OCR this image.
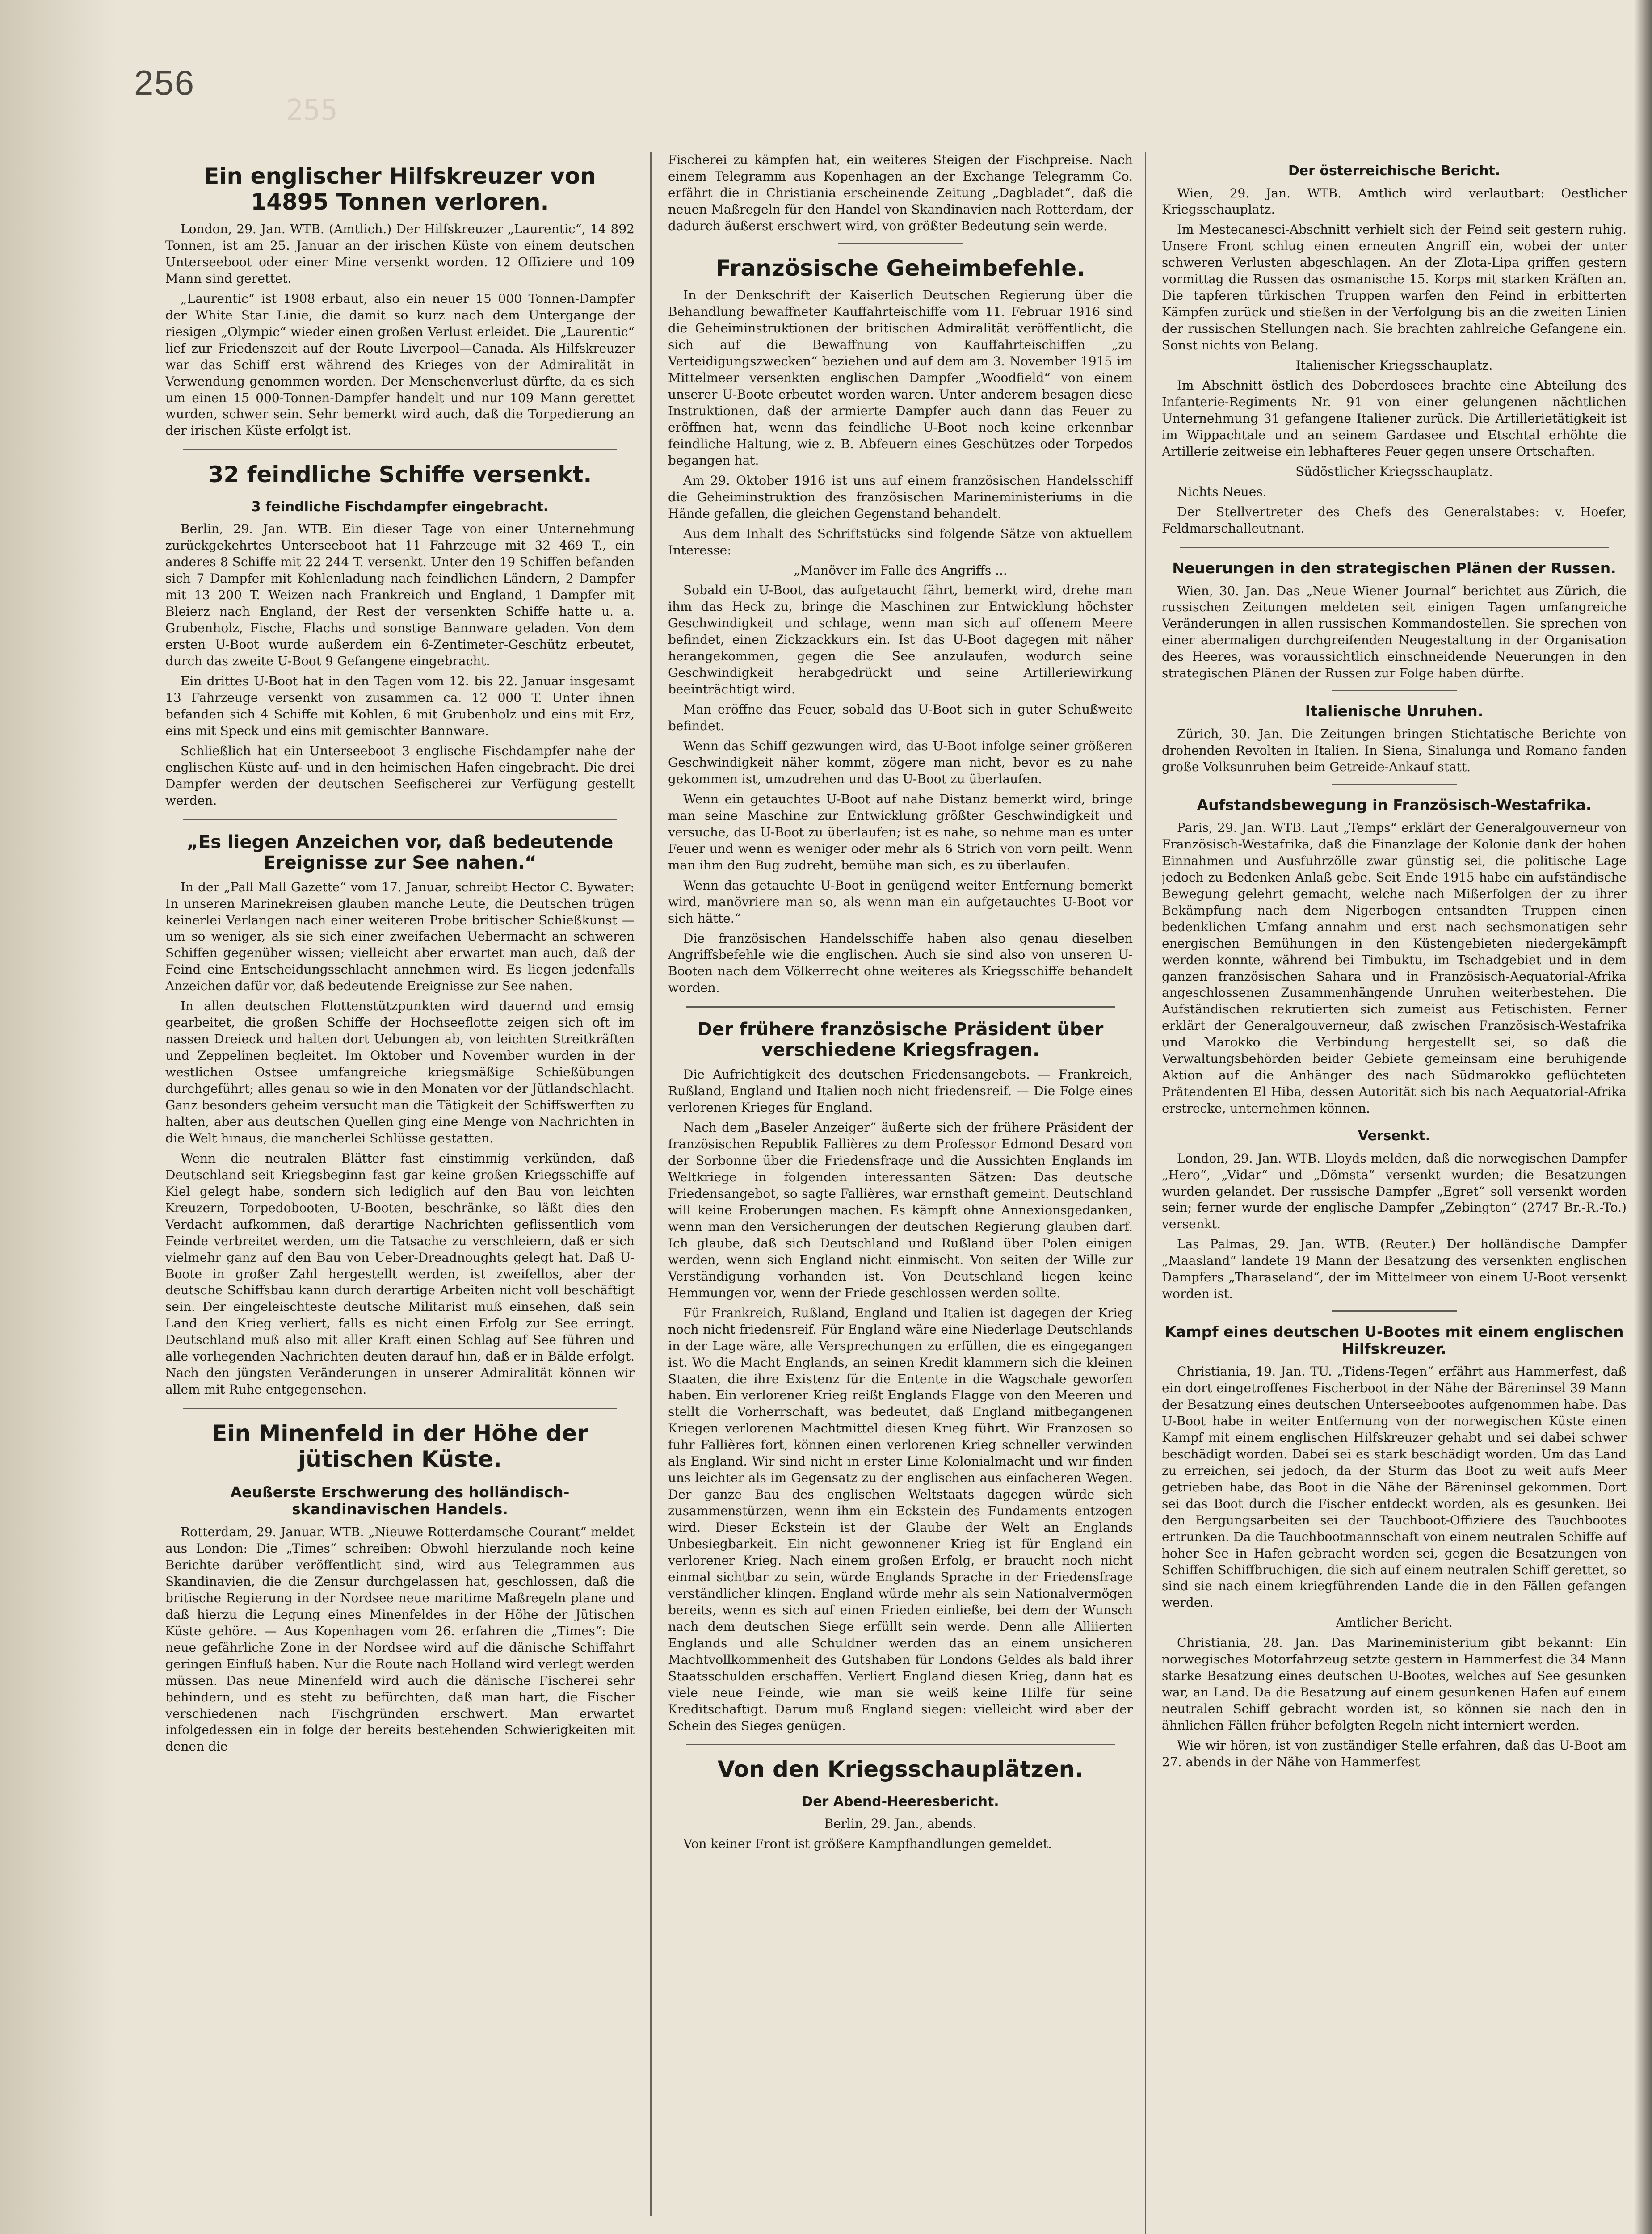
256
255
Ein englischer Hilfskreuzer von 14895 Tonnen verloren.

London, 29. Jan. WTB. (Amtlich.) Der Hilfskreuzer „Laurentic“, 14 892 Tonnen, ist am 25. Januar an der irischen Küste von einem deutschen Unterseeboot oder einer Mine versenkt worden. 12 Offiziere und 109 Mann sind gerettet.

„Laurentic“ ist 1908 erbaut, also ein neuer 15 000 Tonnen-Dampfer der White Star Linie, die damit so kurz nach dem Untergange der riesigen „Olympic“ wieder einen großen Verlust erleidet. Die „Laurentic“ lief zur Friedenszeit auf der Route Liverpool—Canada. Als Hilfskreuzer war das Schiff erst während des Krieges von der Admiralität in Verwendung genommen worden. Der Menschenverlust dürfte, da es sich um einen 15 000-Tonnen-Dampfer handelt und nur 109 Mann gerettet wurden, schwer sein. Sehr bemerkt wird auch, daß die Torpedierung an der irischen Küste erfolgt ist.

32 feindliche Schiffe versenkt.
3 feindliche Fischdampfer eingebracht.

Berlin, 29. Jan. WTB. Ein dieser Tage von einer Unternehmung zurückgekehrtes Unterseeboot hat 11 Fahrzeuge mit 32 469 T., ein anderes 8 Schiffe mit 22 244 T. versenkt. Unter den 19 Schiffen befanden sich 7 Dampfer mit Kohlenladung nach feindlichen Ländern, 2 Dampfer mit 13 200 T. Weizen nach Frankreich und England, 1 Dampfer mit Bleierz nach England, der Rest der versenkten Schiffe hatte u. a. Grubenholz, Fische, Flachs und sonstige Bannware geladen. Von dem ersten U-Boot wurde außerdem ein 6-Zentimeter-Geschütz erbeutet, durch das zweite U-Boot 9 Gefangene eingebracht.

Ein drittes U-Boot hat in den Tagen vom 12. bis 22. Januar insgesamt 13 Fahrzeuge versenkt von zusammen ca. 12 000 T. Unter ihnen befanden sich 4 Schiffe mit Kohlen, 6 mit Grubenholz und eins mit Erz, eins mit Speck und eins mit gemischter Bannware.

Schließlich hat ein Unterseeboot 3 englische Fischdampfer nahe der englischen Küste auf- und in den heimischen Hafen eingebracht. Die drei Dampfer werden der deutschen Seefischerei zur Verfügung gestellt werden.

„Es liegen Anzeichen vor, daß bedeutende Ereignisse zur See nahen.“

In der „Pall Mall Gazette“ vom 17. Januar, schreibt Hector C. Bywater: In unseren Marinekreisen glauben manche Leute, die Deutschen trügen keinerlei Verlangen nach einer weiteren Probe britischer Schießkunst — um so weniger, als sie sich einer zweifachen Uebermacht an schweren Schiffen gegenüber wissen; vielleicht aber erwartet man auch, daß der Feind eine Entscheidungsschlacht annehmen wird. Es liegen jedenfalls Anzeichen dafür vor, daß bedeutende Ereignisse zur See nahen.

In allen deutschen Flottenstützpunkten wird dauernd und emsig gearbeitet, die großen Schiffe der Hochseeflotte zeigen sich oft im nassen Dreieck und halten dort Uebungen ab, von leichten Streitkräften und Zeppelinen begleitet. Im Oktober und November wurden in der westlichen Ostsee umfangreiche kriegsmäßige Schießübungen durchgeführt; alles genau so wie in den Monaten vor der Jütlandschlacht. Ganz besonders geheim versucht man die Tätigkeit der Schiffswerften zu halten, aber aus deutschen Quellen ging eine Menge von Nachrichten in die Welt hinaus, die mancherlei Schlüsse gestatten.

Wenn die neutralen Blätter fast einstimmig verkünden, daß Deutschland seit Kriegsbeginn fast gar keine großen Kriegsschiffe auf Kiel gelegt habe, sondern sich lediglich auf den Bau von leichten Kreuzern, Torpedobooten, U-Booten, beschränke, so läßt dies den Verdacht aufkommen, daß derartige Nachrichten geflissentlich vom Feinde verbreitet werden, um die Tatsache zu verschleiern, daß er sich vielmehr ganz auf den Bau von Ueber-Dreadnoughts gelegt hat. Daß U-Boote in großer Zahl hergestellt werden, ist zweifellos, aber der deutsche Schiffsbau kann durch derartige Arbeiten nicht voll beschäftigt sein. Der eingeleischteste deutsche Militarist muß einsehen, daß sein Land den Krieg verliert, falls es nicht einen Erfolg zur See erringt. Deutschland muß also mit aller Kraft einen Schlag auf See führen und alle vorliegenden Nachrichten deuten darauf hin, daß er in Bälde erfolgt. Nach den jüngsten Veränderungen in unserer Admiralität können wir allem mit Ruhe entgegensehen.

Ein Minenfeld in der Höhe der jütischen Küste.
Aeußerste Erschwerung des holländisch-skandinavischen Handels.

Rotterdam, 29. Januar. WTB. „Nieuwe Rotterdamsche Courant“ meldet aus London: Die „Times“ schreiben: Obwohl hierzulande noch keine Berichte darüber veröffentlicht sind, wird aus Telegrammen aus Skandinavien, die die Zensur durchgelassen hat, geschlossen, daß die britische Regierung in der Nordsee neue maritime Maßregeln plane und daß hierzu die Legung eines Minenfeldes in der Höhe der Jütischen Küste gehöre. — Aus Kopenhagen vom 26. erfahren die „Times“: Die neue gefährliche Zone in der Nordsee wird auf die dänische Schiffahrt geringen Einfluß haben. Nur die Route nach Holland wird verlegt werden müssen. Das neue Minenfeld wird auch die dänische Fischerei sehr behindern, und es steht zu befürchten, daß man hart, die Fischer verschiedenen nach Fischgründen erschwert. Man erwartet infolgedessen ein in folge der bereits bestehenden Schwierigkeiten mit denen die

Fischerei zu kämpfen hat, ein weiteres Steigen der Fischpreise. Nach einem Telegramm aus Kopenhagen an der Exchange Telegramm Co. erfährt die in Christiania erscheinende Zeitung „Dagbladet“, daß die neuen Maßregeln für den Handel von Skandinavien nach Rotterdam, der dadurch äußerst erschwert wird, von größter Bedeutung sein werde.

Französische Geheimbefehle.

In der Denkschrift der Kaiserlich Deutschen Regierung über die Behandlung bewaffneter Kauffahrteischiffe vom 11. Februar 1916 sind die Geheiminstruktionen der britischen Admiralität veröffentlicht, die sich auf die Bewaffnung von Kauffahrteischiffen „zu Verteidigungszwecken“ beziehen und auf dem am 3. November 1915 im Mittelmeer versenkten englischen Dampfer „Woodfield“ von einem unserer U-Boote erbeutet worden waren. Unter anderem besagen diese Instruktionen, daß der armierte Dampfer auch dann das Feuer zu eröffnen hat, wenn das feindliche U-Boot noch keine erkennbar feindliche Haltung, wie z. B. Abfeuern eines Geschützes oder Torpedos begangen hat.

Am 29. Oktober 1916 ist uns auf einem französischen Handelsschiff die Geheiminstruktion des französischen Marineministeriums in die Hände gefallen, die gleichen Gegenstand behandelt.

Aus dem Inhalt des Schriftstücks sind folgende Sätze von aktuellem Interesse:

„Manöver im Falle des Angriffs ...

Sobald ein U-Boot, das aufgetaucht fährt, bemerkt wird, drehe man ihm das Heck zu, bringe die Maschinen zur Entwicklung höchster Geschwindigkeit und schlage, wenn man sich auf offenem Meere befindet, einen Zickzackkurs ein. Ist das U-Boot dagegen mit näher herangekommen, gegen die See anzulaufen, wodurch seine Geschwindigkeit herabgedrückt und seine Artilleriewirkung beeinträchtigt wird.

Man eröffne das Feuer, sobald das U-Boot sich in guter Schußweite befindet.

Wenn das Schiff gezwungen wird, das U-Boot infolge seiner größeren Geschwindigkeit näher kommt, zögere man nicht, bevor es zu nahe gekommen ist, umzudrehen und das U-Boot zu überlaufen.

Wenn ein getauchtes U-Boot auf nahe Distanz bemerkt wird, bringe man seine Maschine zur Entwicklung größter Geschwindigkeit und versuche, das U-Boot zu überlaufen; ist es nahe, so nehme man es unter Feuer und wenn es weniger oder mehr als 6 Strich von vorn peilt. Wenn man ihm den Bug zudreht, bemühe man sich, es zu überlaufen.

Wenn das getauchte U-Boot in genügend weiter Entfernung bemerkt wird, manövriere man so, als wenn man ein aufgetauchtes U-Boot vor sich hätte.“

Die französischen Handelsschiffe haben also genau dieselben Angriffsbefehle wie die englischen. Auch sie sind also von unseren U-Booten nach dem Völkerrecht ohne weiteres als Kriegsschiffe behandelt worden.

Der frühere französische Präsident über verschiedene Kriegsfragen.

Die Aufrichtigkeit des deutschen Friedensangebots. — Frankreich, Rußland, England und Italien noch nicht friedensreif. — Die Folge eines verlorenen Krieges für England.

Nach dem „Baseler Anzeiger“ äußerte sich der frühere Präsident der französischen Republik Fallières zu dem Professor Edmond Desard von der Sorbonne über die Friedensfrage und die Aussichten Englands im Weltkriege in folgenden interessanten Sätzen: Das deutsche Friedensangebot, so sagte Fallières, war ernsthaft gemeint. Deutschland will keine Eroberungen machen. Es kämpft ohne Annexionsgedanken, wenn man den Versicherungen der deutschen Regierung glauben darf. Ich glaube, daß sich Deutschland und Rußland über Polen einigen werden, wenn sich England nicht einmischt. Von seiten der Wille zur Verständigung vorhanden ist. Von Deutschland liegen keine Hemmungen vor, wenn der Friede geschlossen werden sollte.

Für Frankreich, Rußland, England und Italien ist dagegen der Krieg noch nicht friedensreif. Für England wäre eine Niederlage Deutschlands in der Lage wäre, alle Versprechungen zu erfüllen, die es eingegangen ist. Wo die Macht Englands, an seinen Kredit klammern sich die kleinen Staaten, die ihre Existenz für die Entente in die Wagschale geworfen haben. Ein verlorener Krieg reißt Englands Flagge von den Meeren und stellt die Vorherrschaft, was bedeutet, daß England mitbegangenen Kriegen verlorenen Machtmittel diesen Krieg führt. Wir Franzosen so fuhr Fallières fort, können einen verlorenen Krieg schneller verwinden als England. Wir sind nicht in erster Linie Kolonialmacht und wir finden uns leichter als im Gegensatz zu der englischen aus einfacheren Wegen. Der ganze Bau des englischen Weltstaats dagegen würde sich zusammenstürzen, wenn ihm ein Eckstein des Fundaments entzogen wird. Dieser Eckstein ist der Glaube der Welt an Englands Unbesiegbarkeit. Ein nicht gewonnener Krieg ist für England ein verlorener Krieg. Nach einem großen Erfolg, er braucht noch nicht einmal sichtbar zu sein, würde Englands Sprache in der Friedensfrage verständlicher klingen. England würde mehr als sein Nationalvermögen bereits, wenn es sich auf einen Frieden einließe, bei dem der Wunsch nach dem deutschen Siege erfüllt sein werde. Denn alle Alliierten Englands und alle Schuldner werden das an einem unsicheren Machtvollkommenheit des Gutshaben für Londons Geldes als bald ihrer Staatsschulden erschaffen. Verliert England diesen Krieg, dann hat es viele neue Feinde, wie man sie weiß keine Hilfe für seine Kreditschaftigt. Darum muß England siegen: vielleicht wird aber der Schein des Sieges genügen.

Von den Kriegsschauplätzen.
Der Abend-Heeresbericht.

Berlin, 29. Jan., abends.

Von keiner Front ist größere Kampfhandlungen gemeldet.

Der österreichische Bericht.

Wien, 29. Jan. WTB. Amtlich wird verlautbart: Oestlicher Kriegsschauplatz.

Im Mestecanesci-Abschnitt verhielt sich der Feind seit gestern ruhig. Unsere Front schlug einen erneuten Angriff ein, wobei der unter schweren Verlusten abgeschlagen. An der Zlota-Lipa griffen gestern vormittag die Russen das osmanische 15. Korps mit starken Kräften an. Die tapferen türkischen Truppen warfen den Feind in erbitterten Kämpfen zurück und stießen in der Verfolgung bis an die zweiten Linien der russischen Stellungen nach. Sie brachten zahlreiche Gefangene ein. Sonst nichts von Belang.

Italienischer Kriegsschauplatz.

Im Abschnitt östlich des Doberdosees brachte eine Abteilung des Infanterie-Regiments Nr. 91 von einer gelungenen nächtlichen Unternehmung 31 gefangene Italiener zurück. Die Artillerietätigkeit ist im Wippachtale und an seinem Gardasee und Etschtal erhöhte die Artillerie zeitweise ein lebhafteres Feuer gegen unsere Ortschaften.

Südöstlicher Kriegsschauplatz.

Nichts Neues.

Der Stellvertreter des Chefs des Generalstabes: v. Hoefer, Feldmarschalleutnant.

Neuerungen in den strategischen Plänen der Russen.

Wien, 30. Jan. Das „Neue Wiener Journal“ berichtet aus Zürich, die russischen Zeitungen meldeten seit einigen Tagen umfangreiche Veränderungen in allen russischen Kommandostellen. Sie sprechen von einer abermaligen durchgreifenden Neugestaltung in der Organisation des Heeres, was voraussichtlich einschneidende Neuerungen in den strategischen Plänen der Russen zur Folge haben dürfte.

Italienische Unruhen.

Zürich, 30. Jan. Die Zeitungen bringen Stichtatische Berichte von drohenden Revolten in Italien. In Siena, Sinalunga und Romano fanden große Volksunruhen beim Getreide-Ankauf statt.

Aufstandsbewegung in Französisch-Westafrika.

Paris, 29. Jan. WTB. Laut „Temps“ erklärt der Generalgouverneur von Französisch-Westafrika, daß die Finanzlage der Kolonie dank der hohen Einnahmen und Ausfuhrzölle zwar günstig sei, die politische Lage jedoch zu Bedenken Anlaß gebe. Seit Ende 1915 habe ein aufständische Bewegung gelehrt gemacht, welche nach Mißerfolgen der zu ihrer Bekämpfung nach dem Nigerbogen entsandten Truppen einen bedenklichen Umfang annahm und erst nach sechsmonatigen sehr energischen Bemühungen in den Küstengebieten niedergekämpft werden konnte, während bei Timbuktu, im Tschadgebiet und in dem ganzen französischen Sahara und in Französisch-Aequatorial-Afrika angeschlossenen Zusammenhängende Unruhen weiterbestehen. Die Aufständischen rekrutierten sich zumeist aus Fetischisten. Ferner erklärt der Generalgouverneur, daß zwischen Französisch-Westafrika und Marokko die Verbindung hergestellt sei, so daß die Verwaltungsbehörden beider Gebiete gemeinsam eine beruhigende Aktion auf die Anhänger des nach Südmarokko geflüchteten Prätendenten El Hiba, dessen Autorität sich bis nach Aequatorial-Afrika erstrecke, unternehmen können.

Versenkt.

London, 29. Jan. WTB. Lloyds melden, daß die norwegischen Dampfer „Hero“, „Vidar“ und „Dömsta“ versenkt wurden; die Besatzungen wurden gelandet. Der russische Dampfer „Egret“ soll versenkt worden sein; ferner wurde der englische Dampfer „Zebington“ (2747 Br.-R.-To.) versenkt.

Las Palmas, 29. Jan. WTB. (Reuter.) Der holländische Dampfer „Maasland“ landete 19 Mann der Besatzung des versenkten englischen Dampfers „Tharaseland“, der im Mittelmeer von einem U-Boot versenkt worden ist.

Kampf eines deutschen U-Bootes mit einem englischen Hilfskreuzer.

Christiania, 19. Jan. TU. „Tidens-Tegen“ erfährt aus Hammerfest, daß ein dort eingetroffenes Fischerboot in der Nähe der Bäreninsel 39 Mann der Besatzung eines deutschen Unterseebootes aufgenommen habe. Das U-Boot habe in weiter Entfernung von der norwegischen Küste einen Kampf mit einem englischen Hilfskreuzer gehabt und sei dabei schwer beschädigt worden. Dabei sei es stark beschädigt worden. Um das Land zu erreichen, sei jedoch, da der Sturm das Boot zu weit aufs Meer getrieben habe, das Boot in die Nähe der Bäreninsel gekommen. Dort sei das Boot durch die Fischer entdeckt worden, als es gesunken. Bei den Bergungsarbeiten sei der Tauchboot-Offiziere des Tauchbootes ertrunken. Da die Tauchbootmannschaft von einem neutralen Schiffe auf hoher See in Hafen gebracht worden sei, gegen die Besatzungen von Schiffen Schiffbruchigen, die sich auf einem neutralen Schiff gerettet, so sind sie nach einem kriegführenden Lande die in den Fällen gefangen werden.

Amtlicher Bericht.

Christiania, 28. Jan. Das Marineministerium gibt bekannt: Ein norwegisches Motorfahrzeug setzte gestern in Hammerfest die 34 Mann starke Besatzung eines deutschen U-Bootes, welches auf See gesunken war, an Land. Da die Besatzung auf einem gesunkenen Hafen auf einem neutralen Schiff gebracht worden ist, so können sie nach den in ähnlichen Fällen früher befolgten Regeln nicht interniert werden.

Wie wir hören, ist von zuständiger Stelle erfahren, daß das U-Boot am 27. abends in der Nähe von Hammerfest
